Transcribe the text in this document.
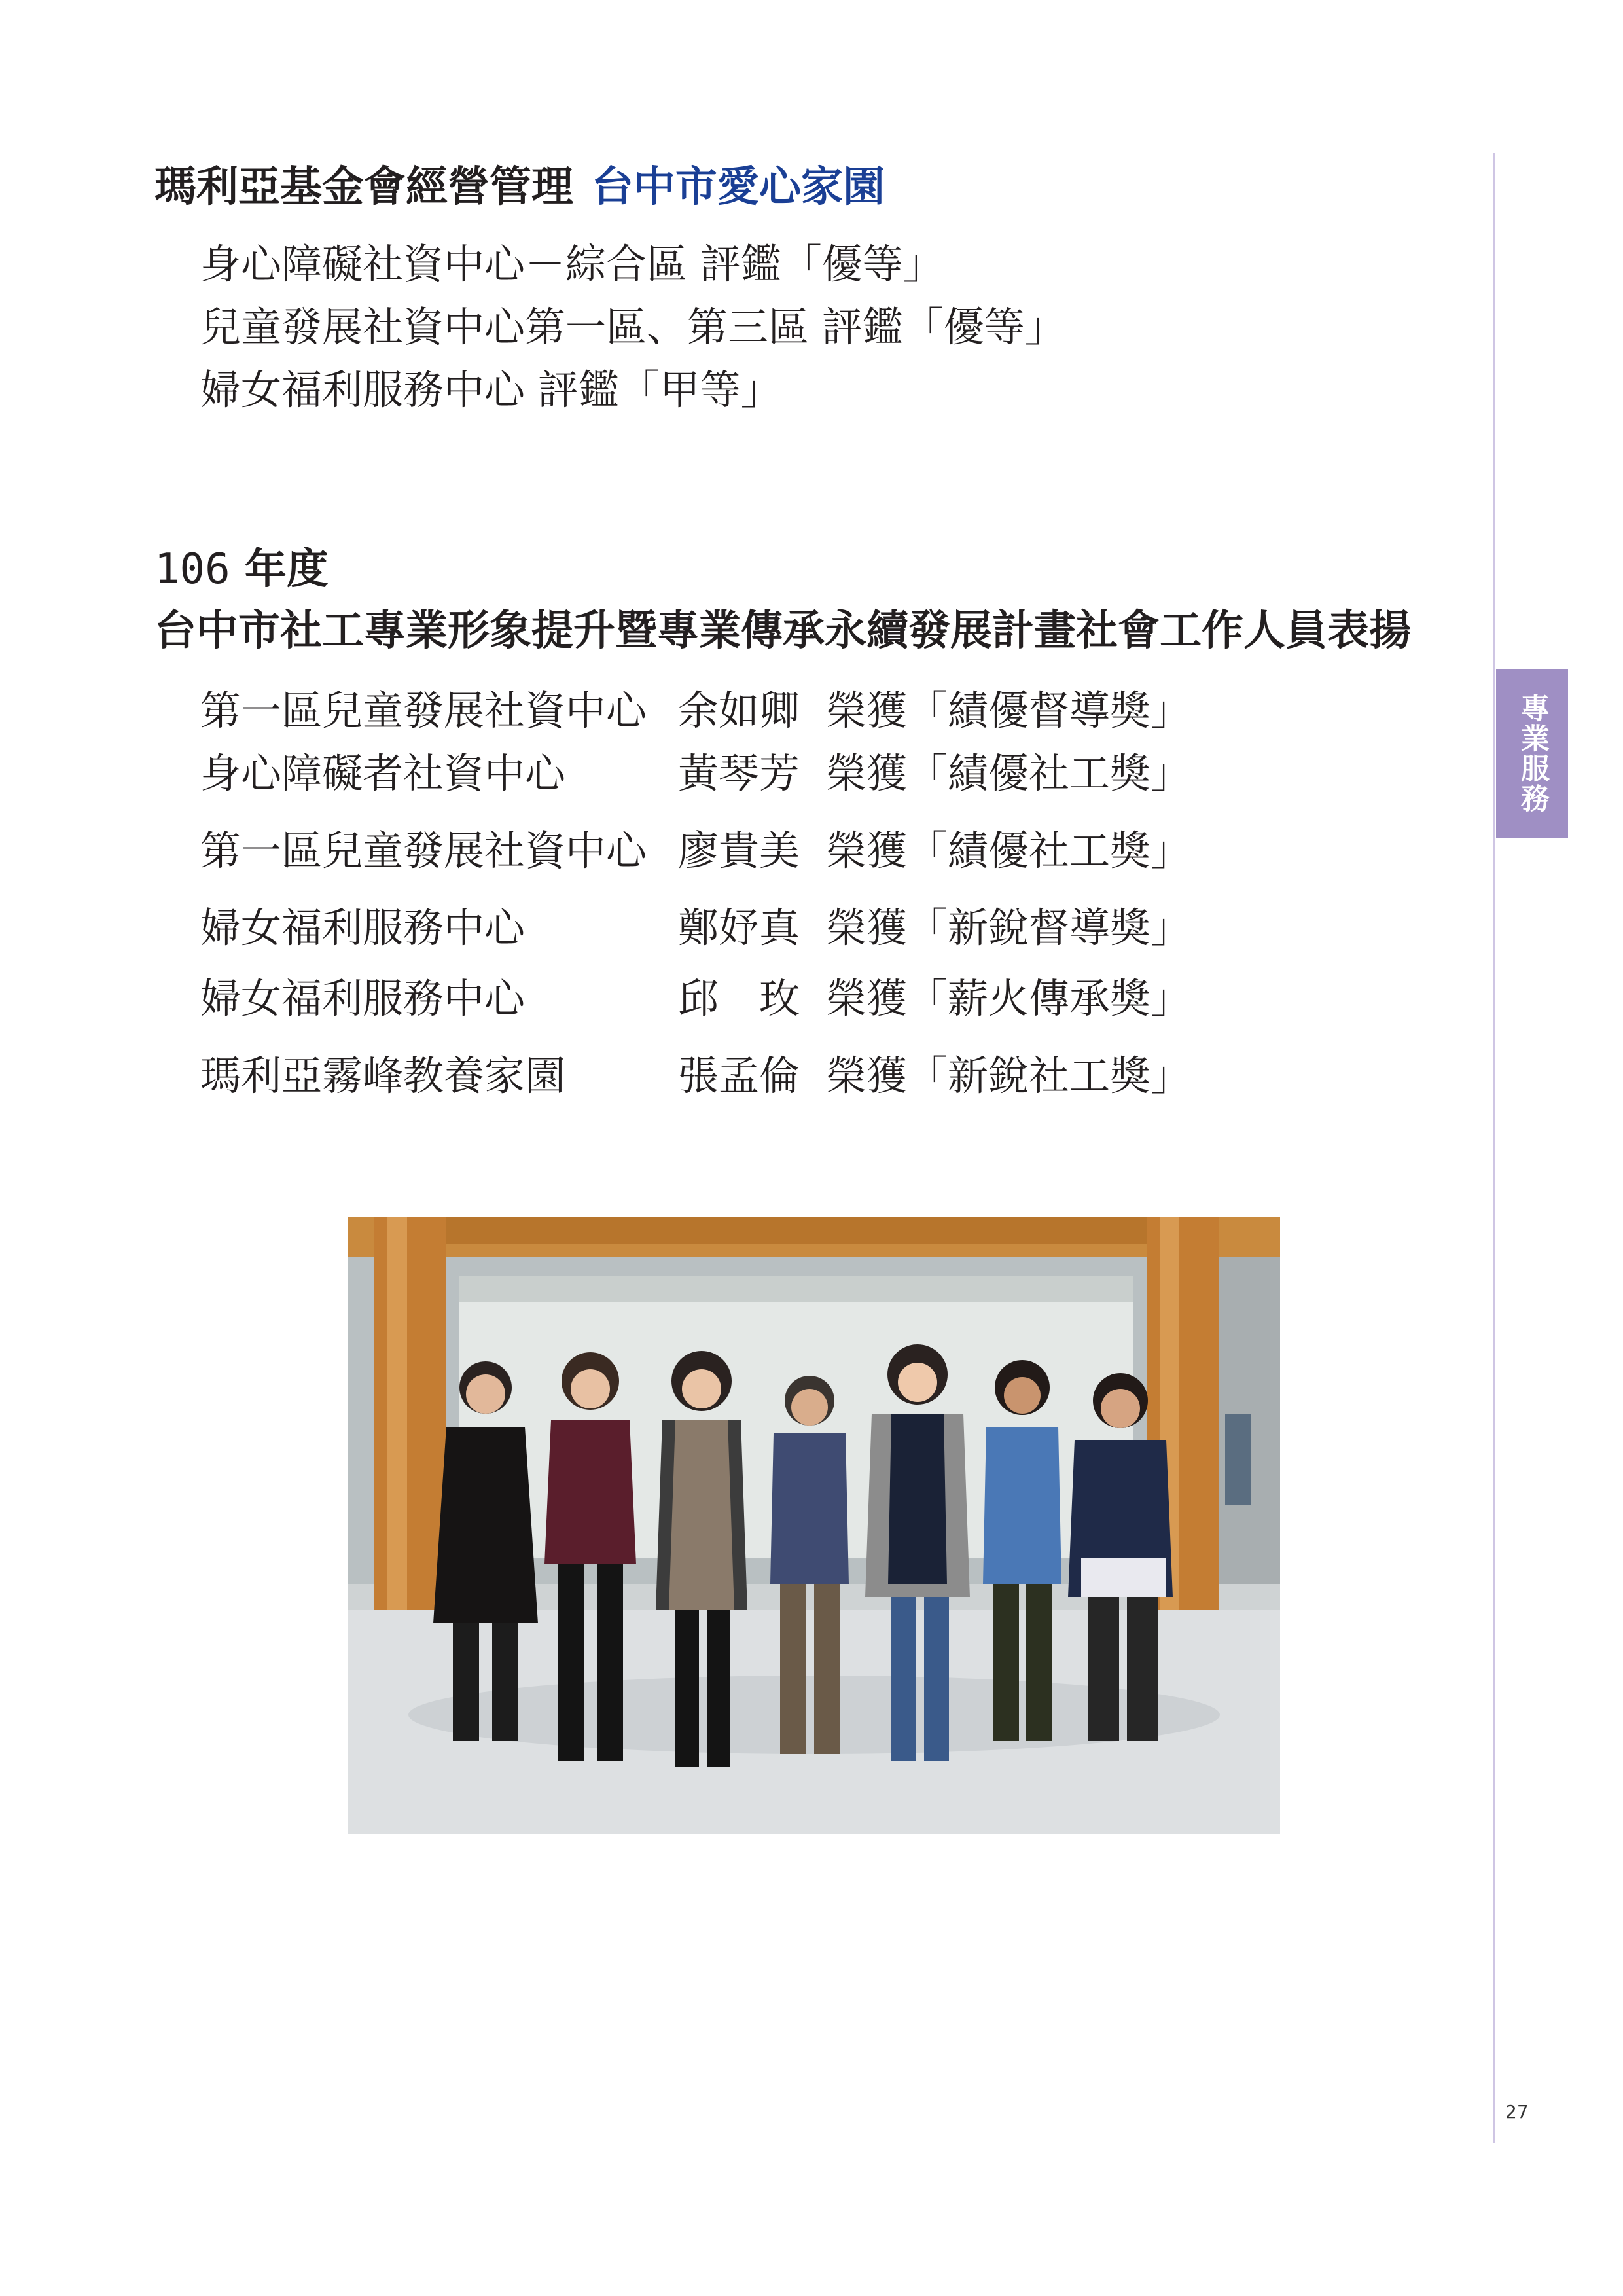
瑪利亞基金會經營管理 台中市愛心家園
身心障礙社資中心－綜合區 評鑑「優等」
兒童發展社資中心第一區、第三區 評鑑「優等」
婦女福利服務中心 評鑑「甲等」
106 年度
台中市社工專業形象提升暨專業傳承永續發展計畫社會工作人員表揚
第一區兒童發展社資中心 余如卿 榮獲「績優督導獎」
身心障礙者社資中心	黃琴芳 榮獲「績優社工獎」
第一區兒童發展社資中心 廖貴美 榮獲「績優社工獎」
婦女福利服務中心	鄭妤真 榮獲「新銳督導獎」
婦女福利服務中心	邱　玫 榮獲「薪火傳承獎」
瑪利亞霧峰教養家園	張孟倫 榮獲「新銳社工獎」
專業服務
27
